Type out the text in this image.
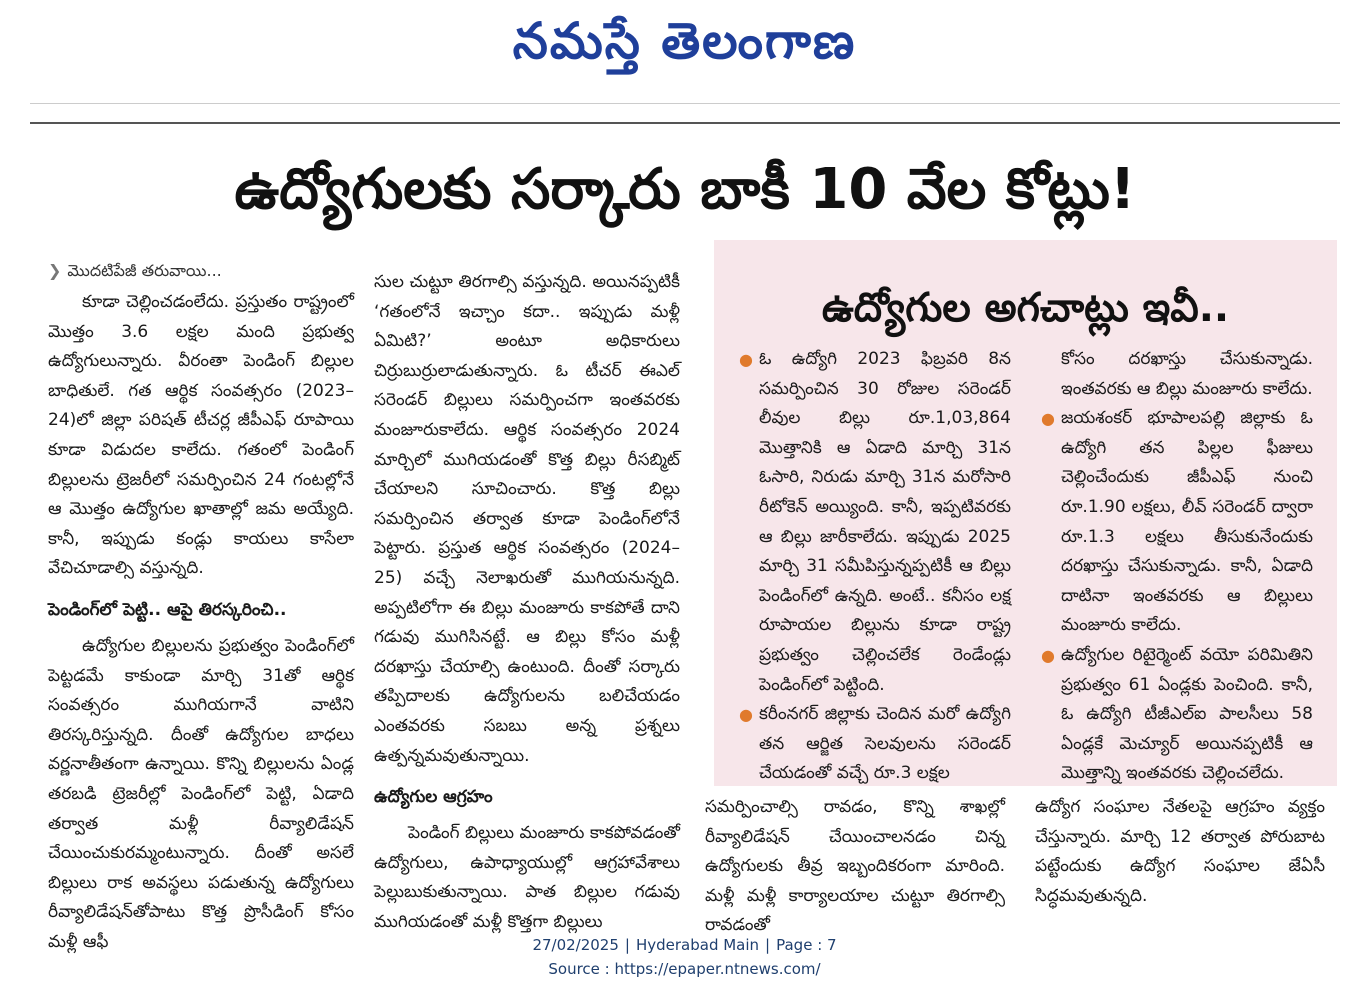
నమస్తే తెలంగాణ
ఉద్యోగులకు సర్కారు బాకీ 10 వేల కోట్లు!
❯ మొదటిపేజీ తరువాయి...

కూడా చెల్లించడంలేదు. ప్రస్తుతం రాష్ట్రంలో మొత్తం 3.6 లక్షల మంది ప్రభుత్వ ఉద్యోగులున్నారు. వీరంతా పెండింగ్ బిల్లుల బాధితులే. గత ఆర్థిక సంవత్సరం (2023–24)లో జిల్లా పరిషత్ టీచర్ల జీపీఎఫ్ రూపాయి కూడా విడుదల కాలేదు. గతంలో పెండింగ్ బిల్లులను ట్రెజరీలో సమర్పించిన 24 గంటల్లోనే ఆ మొత్తం ఉద్యోగుల ఖాతాల్లో జమ అయ్యేది. కానీ, ఇప్పుడు కండ్లు కాయలు కాసేలా వేచిచూడాల్సి వస్తున్నది.

పెండింగ్‌లో పెట్టి.. ఆపై తిరస్కరించి..

ఉద్యోగుల బిల్లులను ప్రభుత్వం పెండింగ్‌లో పెట్టడమే కాకుండా మార్చి 31తో ఆర్థిక సంవత్సరం ముగియగానే వాటిని తిరస్కరిస్తున్నది. దీంతో ఉద్యోగుల బాధలు వర్ణనాతీతంగా ఉన్నాయి. కొన్ని బిల్లులను ఏండ్ల తరబడి ట్రెజరీల్లో పెండింగ్‌లో పెట్టి, ఏడాది తర్వాత మళ్లీ రీవ్యాలిడేషన్ చేయించుకురమ్మంటున్నారు. దీంతో అసలే బిల్లులు రాక అవస్థలు పడుతున్న ఉద్యోగులు రీవ్యాలిడేషన్‌తోపాటు కొత్త ప్రొసీడింగ్ కోసం మళ్లీ ఆఫీ

సుల చుట్టూ తిరగాల్సి వస్తున్నది. అయినప్పటికీ ‘గతంలోనే ఇచ్చాం కదా.. ఇప్పుడు మళ్లీ ఏమిటి?’ అంటూ అధికారులు చిర్రుబుర్రులాడుతున్నారు. ఓ టీచర్ ఈఎల్ సరెండర్ బిల్లులు సమర్పించగా ఇంతవరకు మంజూరుకాలేదు. ఆర్థిక సంవత్సరం 2024 మార్చిలో ముగియడంతో కొత్త బిల్లు రీసబ్మిట్ చేయాలని సూచించారు. కొత్త బిల్లు సమర్పించిన తర్వాత కూడా పెండింగ్‌లోనే పెట్టారు. ప్రస్తుత ఆర్థిక సంవత్సరం (2024–25) వచ్చే నెలాఖరుతో ముగియనున్నది. అప్పటిలోగా ఈ బిల్లు మంజూరు కాకపోతే దాని గడువు ముగిసినట్టే. ఆ బిల్లు కోసం మళ్లీ దరఖాస్తు చేయాల్సి ఉంటుంది. దీంతో సర్కారు తప్పిదాలకు ఉద్యోగులను బలిచేయడం ఎంతవరకు సబబు అన్న ప్రశ్నలు ఉత్పన్నమవుతున్నాయి.

ఉద్యోగుల ఆగ్రహం

పెండింగ్ బిల్లులు మంజూరు కాకపోవడంతో ఉద్యోగులు, ఉపాధ్యాయుల్లో ఆగ్రహావేశాలు పెల్లుబుకుతున్నాయి. పాత బిల్లుల గడువు ముగియడంతో మళ్లీ కొత్తగా బిల్లులు

ఉద్యోగుల అగచాట్లు ఇవీ..
● ఓ ఉద్యోగి 2023 ఫిబ్రవరి 8న సమర్పించిన 30 రోజుల సరెండర్ లీవుల బిల్లు రూ.1,03,864 మొత్తానికి ఆ ఏడాది మార్చి 31న ఓసారి, నిరుడు మార్చి 31న మరోసారి రీటోకెన్ అయ్యింది. కానీ, ఇప్పటివరకు ఆ బిల్లు జారీకాలేదు. ఇప్పుడు 2025 మార్చి 31 సమీపిస్తున్నప్పటికీ ఆ బిల్లు పెండింగ్‌లో ఉన్నది. అంటే.. కనీసం లక్ష రూపాయల బిల్లును కూడా రాష్ట్ర ప్రభుత్వం చెల్లించలేక రెండేండ్లు పెండింగ్‌లో పెట్టింది.
● కరీంనగర్ జిల్లాకు చెందిన మరో ఉద్యోగి తన ఆర్జిత సెలవులను సరెండర్ చేయడంతో వచ్చే రూ.3 లక్షల
కోసం దరఖాస్తు చేసుకున్నాడు. ఇంతవరకు ఆ బిల్లు మంజూరు కాలేదు.
● జయశంకర్ భూపాలపల్లి జిల్లాకు ఓ ఉద్యోగి తన పిల్లల ఫీజులు చెల్లించేందుకు జీపీఎఫ్ నుంచి రూ.1.90 లక్షలు, లీవ్ సరెండర్ ద్వారా రూ.1.3 లక్షలు తీసుకునేందుకు దరఖాస్తు చేసుకున్నాడు. కానీ, ఏడాది దాటినా ఇంతవరకు ఆ బిల్లులు మంజూరు కాలేదు.
● ఉద్యోగుల రిటైర్మెంట్ వయో పరిమితిని ప్రభుత్వం 61 ఏండ్లకు పెంచింది. కానీ, ఓ ఉద్యోగి టీజీఎల్‌ఐ పాలసీలు 58 ఏండ్లకే మెచ్యూర్ అయినప్పటికీ ఆ మొత్తాన్ని ఇంతవరకు చెల్లించలేదు.

సమర్పించాల్సి రావడం, కొన్ని శాఖల్లో రీవ్యాలిడేషన్ చేయించాలనడం చిన్న ఉద్యోగులకు తీవ్ర ఇబ్బందికరంగా మారింది. మళ్లీ మళ్లీ కార్యాలయాల చుట్టూ తిరగాల్సి రావడంతో

ఉద్యోగ సంఘాల నేతలపై ఆగ్రహం వ్యక్తం చేస్తున్నారు. మార్చి 12 తర్వాత పోరుబాట పట్టేందుకు ఉద్యోగ సంఘాల జేఏసీ సిద్ధమవుతున్నది.

27/02/2025 | Hyderabad Main | Page : 7
Source : https://epaper.ntnews.com/
